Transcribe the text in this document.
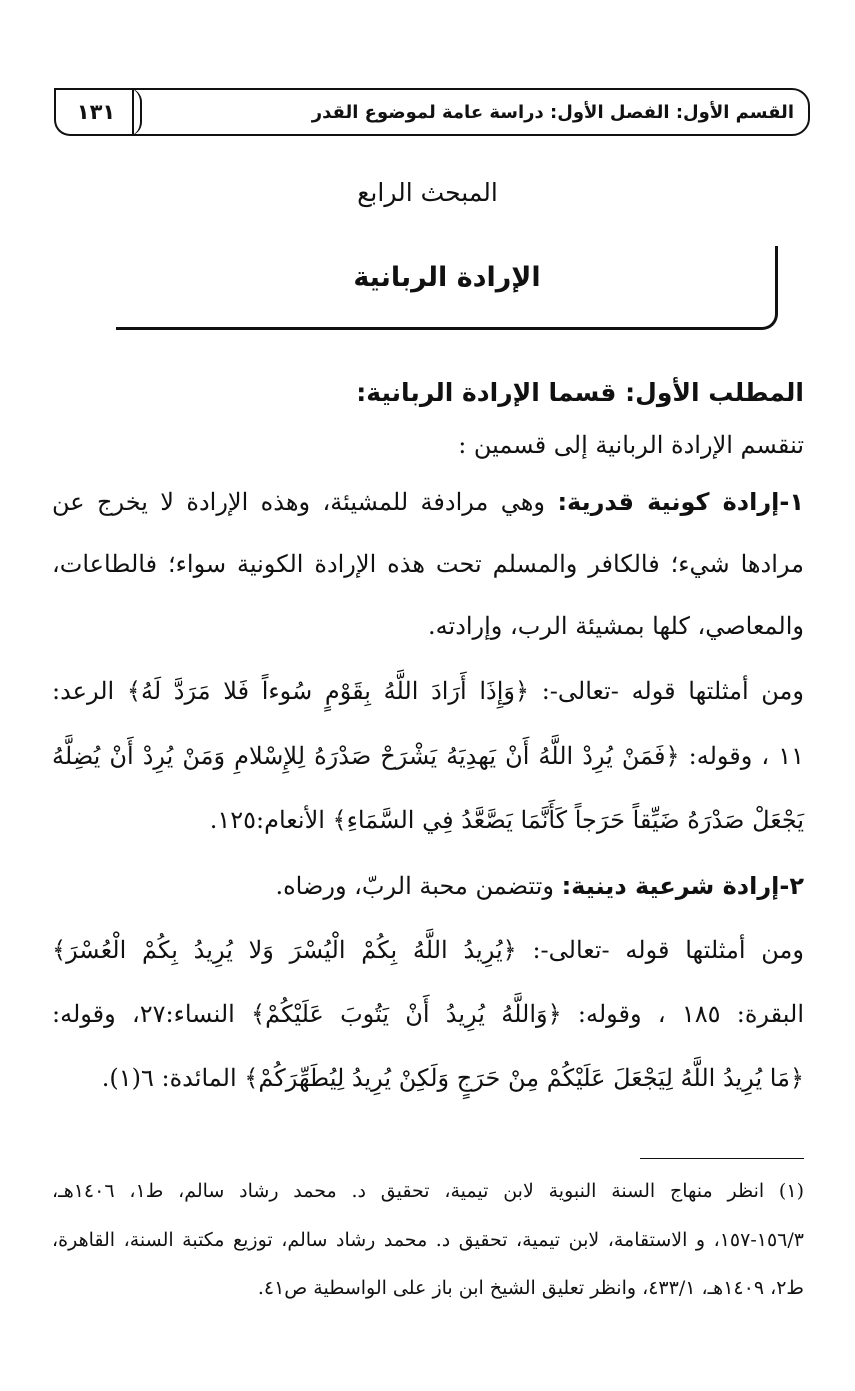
القسم الأول: الفصل الأول: دراسة عامة لموضوع القدر
١٣١
المبحث الرابع
الإرادة الربانية
المطلب الأول: قسما الإرادة الربانية:
تنقسم الإرادة الربانية إلى قسمين :
١-إرادة كونية قدرية: وهي مرادفة للمشيئة، وهذه الإرادة لا يخرج عن
مرادها شيء؛ فالكافر والمسلم تحت هذه الإرادة الكونية سواء؛ فالطاعات،
والمعاصي، كلها بمشيئة الرب، وإرادته.
ومن أمثلتها قوله -تعالى-: ﴿وَإِذَا أَرَادَ اللَّهُ بِقَوْمٍ سُوءاً فَلا مَرَدَّ لَهُ﴾ الرعد:
١١ ، وقوله: ﴿فَمَنْ يُرِدْ اللَّهُ أَنْ يَهدِيَهُ يَشْرَحْ صَدْرَهُ لِلإِسْلامِ وَمَنْ يُرِدْ أَنْ يُضِلَّهُ
يَجْعَلْ صَدْرَهُ ضَيِّقاً حَرَجاً كَأَنَّمَا يَصَّعَّدُ فِي السَّمَاءِ﴾ الأنعام:١٢٥.
٢-إرادة شرعية دينية: وتتضمن محبة الربّ، ورضاه.
ومن أمثلتها قوله -تعالى-: ﴿يُرِيدُ اللَّهُ بِكُمْ الْيُسْرَ وَلا يُرِيدُ بِكُمْ الْعُسْرَ﴾
البقرة: ١٨٥ ، وقوله: ﴿وَاللَّهُ يُرِيدُ أَنْ يَتُوبَ عَلَيْكُمْ﴾ النساء:٢٧، وقوله:
﴿مَا يُرِيدُ اللَّهُ لِيَجْعَلَ عَلَيْكُمْ مِنْ حَرَجٍ وَلَكِنْ يُرِيدُ لِيُطَهِّرَكُمْ﴾ المائدة: ٦(١).
(١) انظر منهاج السنة النبوية لابن تيمية، تحقيق د. محمد رشاد سالم، ط١، ١٤٠٦هـ،
١٥٦/٣-١٥٧، و الاستقامة، لابن تيمية، تحقيق د. محمد رشاد سالم، توزيع مكتبة السنة، القاهرة،
ط٢، ١٤٠٩هـ، ٤٣٣/١، وانظر تعليق الشيخ ابن باز على الواسطية ص٤١.
